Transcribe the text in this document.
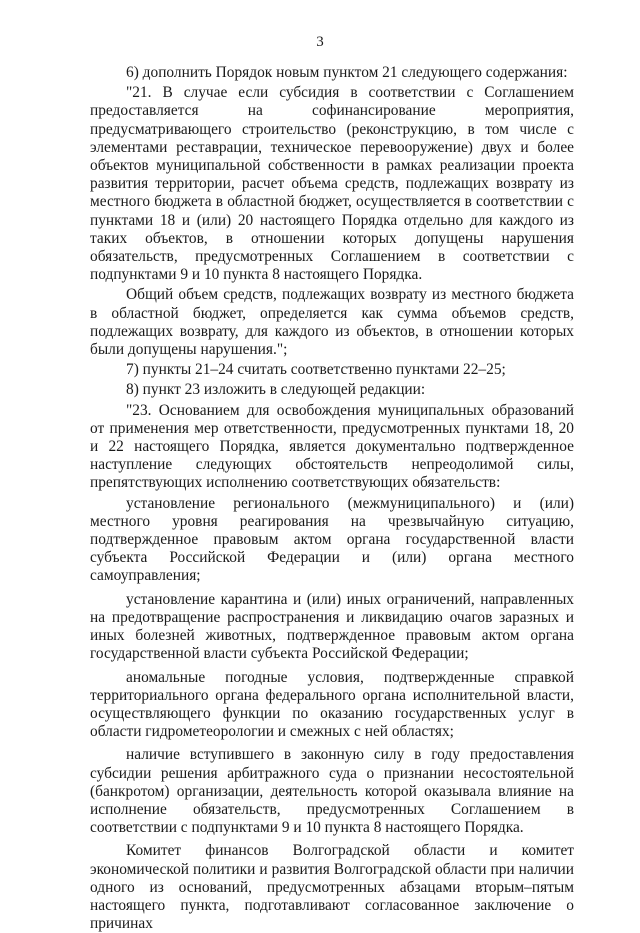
3

6) дополнить Порядок новым пунктом 21 следующего содержания:

"21. В случае если субсидия в соответствии с Соглашением предоставляется на софинансирование мероприятия, предусматривающего строительство (реконструкцию, в том числе с элементами реставрации, техническое перевооружение) двух и более объектов муниципальной собственности в рамках реализации проекта развития территории, расчет объема средств, подлежащих возврату из местного бюджета в областной бюджет, осуществляется в соответствии с пунктами 18 и (или) 20 настоящего Порядка отдельно для каждого из таких объектов, в отношении которых допущены нарушения обязательств, предусмотренных Соглашением в соответствии с подпунктами 9 и 10 пункта 8 настоящего Порядка.

Общий объем средств, подлежащих возврату из местного бюджета в областной бюджет, определяется как сумма объемов средств, подлежащих возврату, для каждого из объектов, в отношении которых были допущены нарушения.";

7) пункты 21–24 считать соответственно пунктами 22–25;

8) пункт 23 изложить в следующей редакции:

"23. Основанием для освобождения муниципальных образований от применения мер ответственности, предусмотренных пунктами 18, 20 и 22 настоящего Порядка, является документально подтвержденное наступление следующих обстоятельств непреодолимой силы, препятствующих исполнению соответствующих обязательств:

установление регионального (межмуниципального) и (или) местного уровня реагирования на чрезвычайную ситуацию, подтвержденное правовым актом органа государственной власти субъекта Российской Федерации и (или) органа местного самоуправления;

установление карантина и (или) иных ограничений, направленных на предотвращение распространения и ликвидацию очагов заразных и иных болезней животных, подтвержденное правовым актом органа государственной власти субъекта Российской Федерации;

аномальные погодные условия, подтвержденные справкой территориального органа федерального органа исполнительной власти, осуществляющего функции по оказанию государственных услуг в области гидрометеорологии и смежных с ней областях;

наличие вступившего в законную силу в году предоставления субсидии решения арбитражного суда о признании несостоятельной (банкротом) организации, деятельность которой оказывала влияние на исполнение обязательств, предусмотренных Соглашением в соответствии с подпунктами 9 и 10 пункта 8 настоящего Порядка.

Комитет финансов Волгоградской области и комитет экономической политики и развития Волгоградской области при наличии одного из оснований, предусмотренных абзацами вторым–пятым настоящего пункта, подготавливают согласованное заключение о причинах
